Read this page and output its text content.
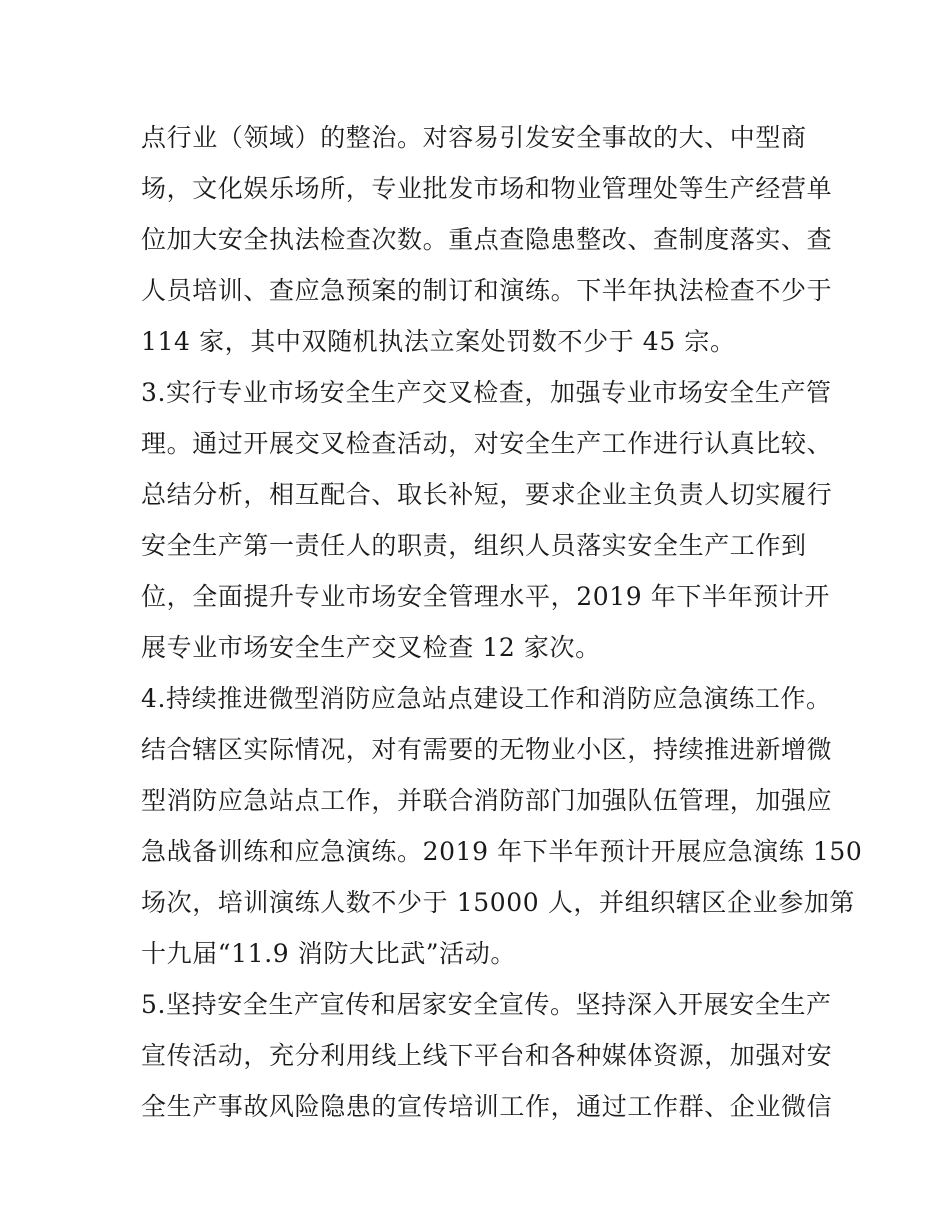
点行业（领域）的整治。对容易引发安全事故的大、中型商
场，文化娱乐场所，专业批发市场和物业管理处等生产经营单
位加大安全执法检查次数。重点查隐患整改、查制度落实、查
人员培训、查应急预案的制订和演练。下半年执法检查不少于
114 家，其中双随机执法立案处罚数不少于 45 宗。
3.实行专业市场安全生产交叉检查，加强专业市场安全生产管
理。通过开展交叉检查活动，对安全生产工作进行认真比较、
总结分析，相互配合、取长补短，要求企业主负责人切实履行
安全生产第一责任人的职责，组织人员落实安全生产工作到
位，全面提升专业市场安全管理水平，2019 年下半年预计开
展专业市场安全生产交叉检查 12 家次。
4.持续推进微型消防应急站点建设工作和消防应急演练工作。
结合辖区实际情况，对有需要的无物业小区，持续推进新增微
型消防应急站点工作，并联合消防部门加强队伍管理，加强应
急战备训练和应急演练。2019 年下半年预计开展应急演练 150
场次，培训演练人数不少于 15000 人，并组织辖区企业参加第
十九届“11.9 消防大比武”活动。
5.坚持安全生产宣传和居家安全宣传。坚持深入开展安全生产
宣传活动，充分利用线上线下平台和各种媒体资源，加强对安
全生产事故风险隐患的宣传培训工作，通过工作群、企业微信
